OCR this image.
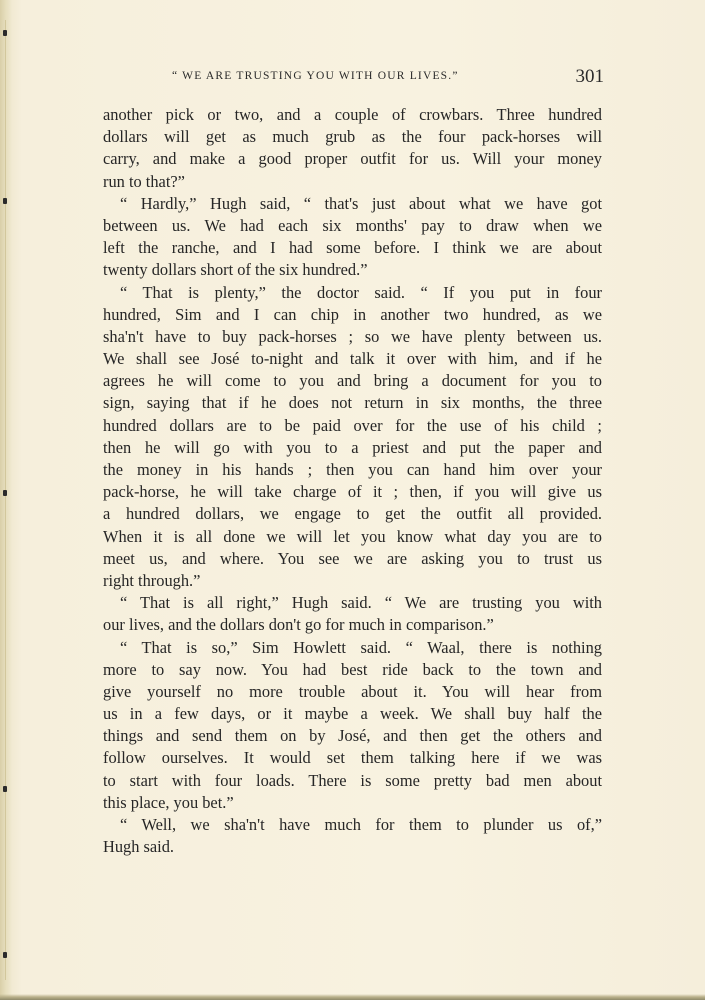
“ WE ARE TRUSTING YOU WITH OUR LIVES.”	301
another pick or two, and a couple of crowbars. Three hundred
dollars will get as much grub as the four pack-horses will
carry, and make a good proper outfit for us. Will your money
run to that?”
“ Hardly,” Hugh said, “ that's just about what we have got
between us. We had each six months' pay to draw when we
left the ranche, and I had some before. I think we are about
twenty dollars short of the six hundred.”
“ That is plenty,” the doctor said. “ If you put in four
hundred, Sim and I can chip in another two hundred, as we
sha'n't have to buy pack-horses ; so we have plenty between us.
We shall see José to-night and talk it over with him, and if he
agrees he will come to you and bring a document for you to
sign, saying that if he does not return in six months, the three
hundred dollars are to be paid over for the use of his child ;
then he will go with you to a priest and put the paper and
the money in his hands ; then you can hand him over your
pack-horse, he will take charge of it ; then, if you will give us
a hundred dollars, we engage to get the outfit all provided.
When it is all done we will let you know what day you are to
meet us, and where. You see we are asking you to trust us
right through.”
“ That is all right,” Hugh said. “ We are trusting you with
our lives, and the dollars don't go for much in comparison.”
“ That is so,” Sim Howlett said. “ Waal, there is nothing
more to say now. You had best ride back to the town and
give yourself no more trouble about it. You will hear from
us in a few days, or it maybe a week. We shall buy half the
things and send them on by José, and then get the others and
follow ourselves. It would set them talking here if we was
to start with four loads. There is some pretty bad men about
this place, you bet.”
“ Well, we sha'n't have much for them to plunder us of,”
Hugh said.
